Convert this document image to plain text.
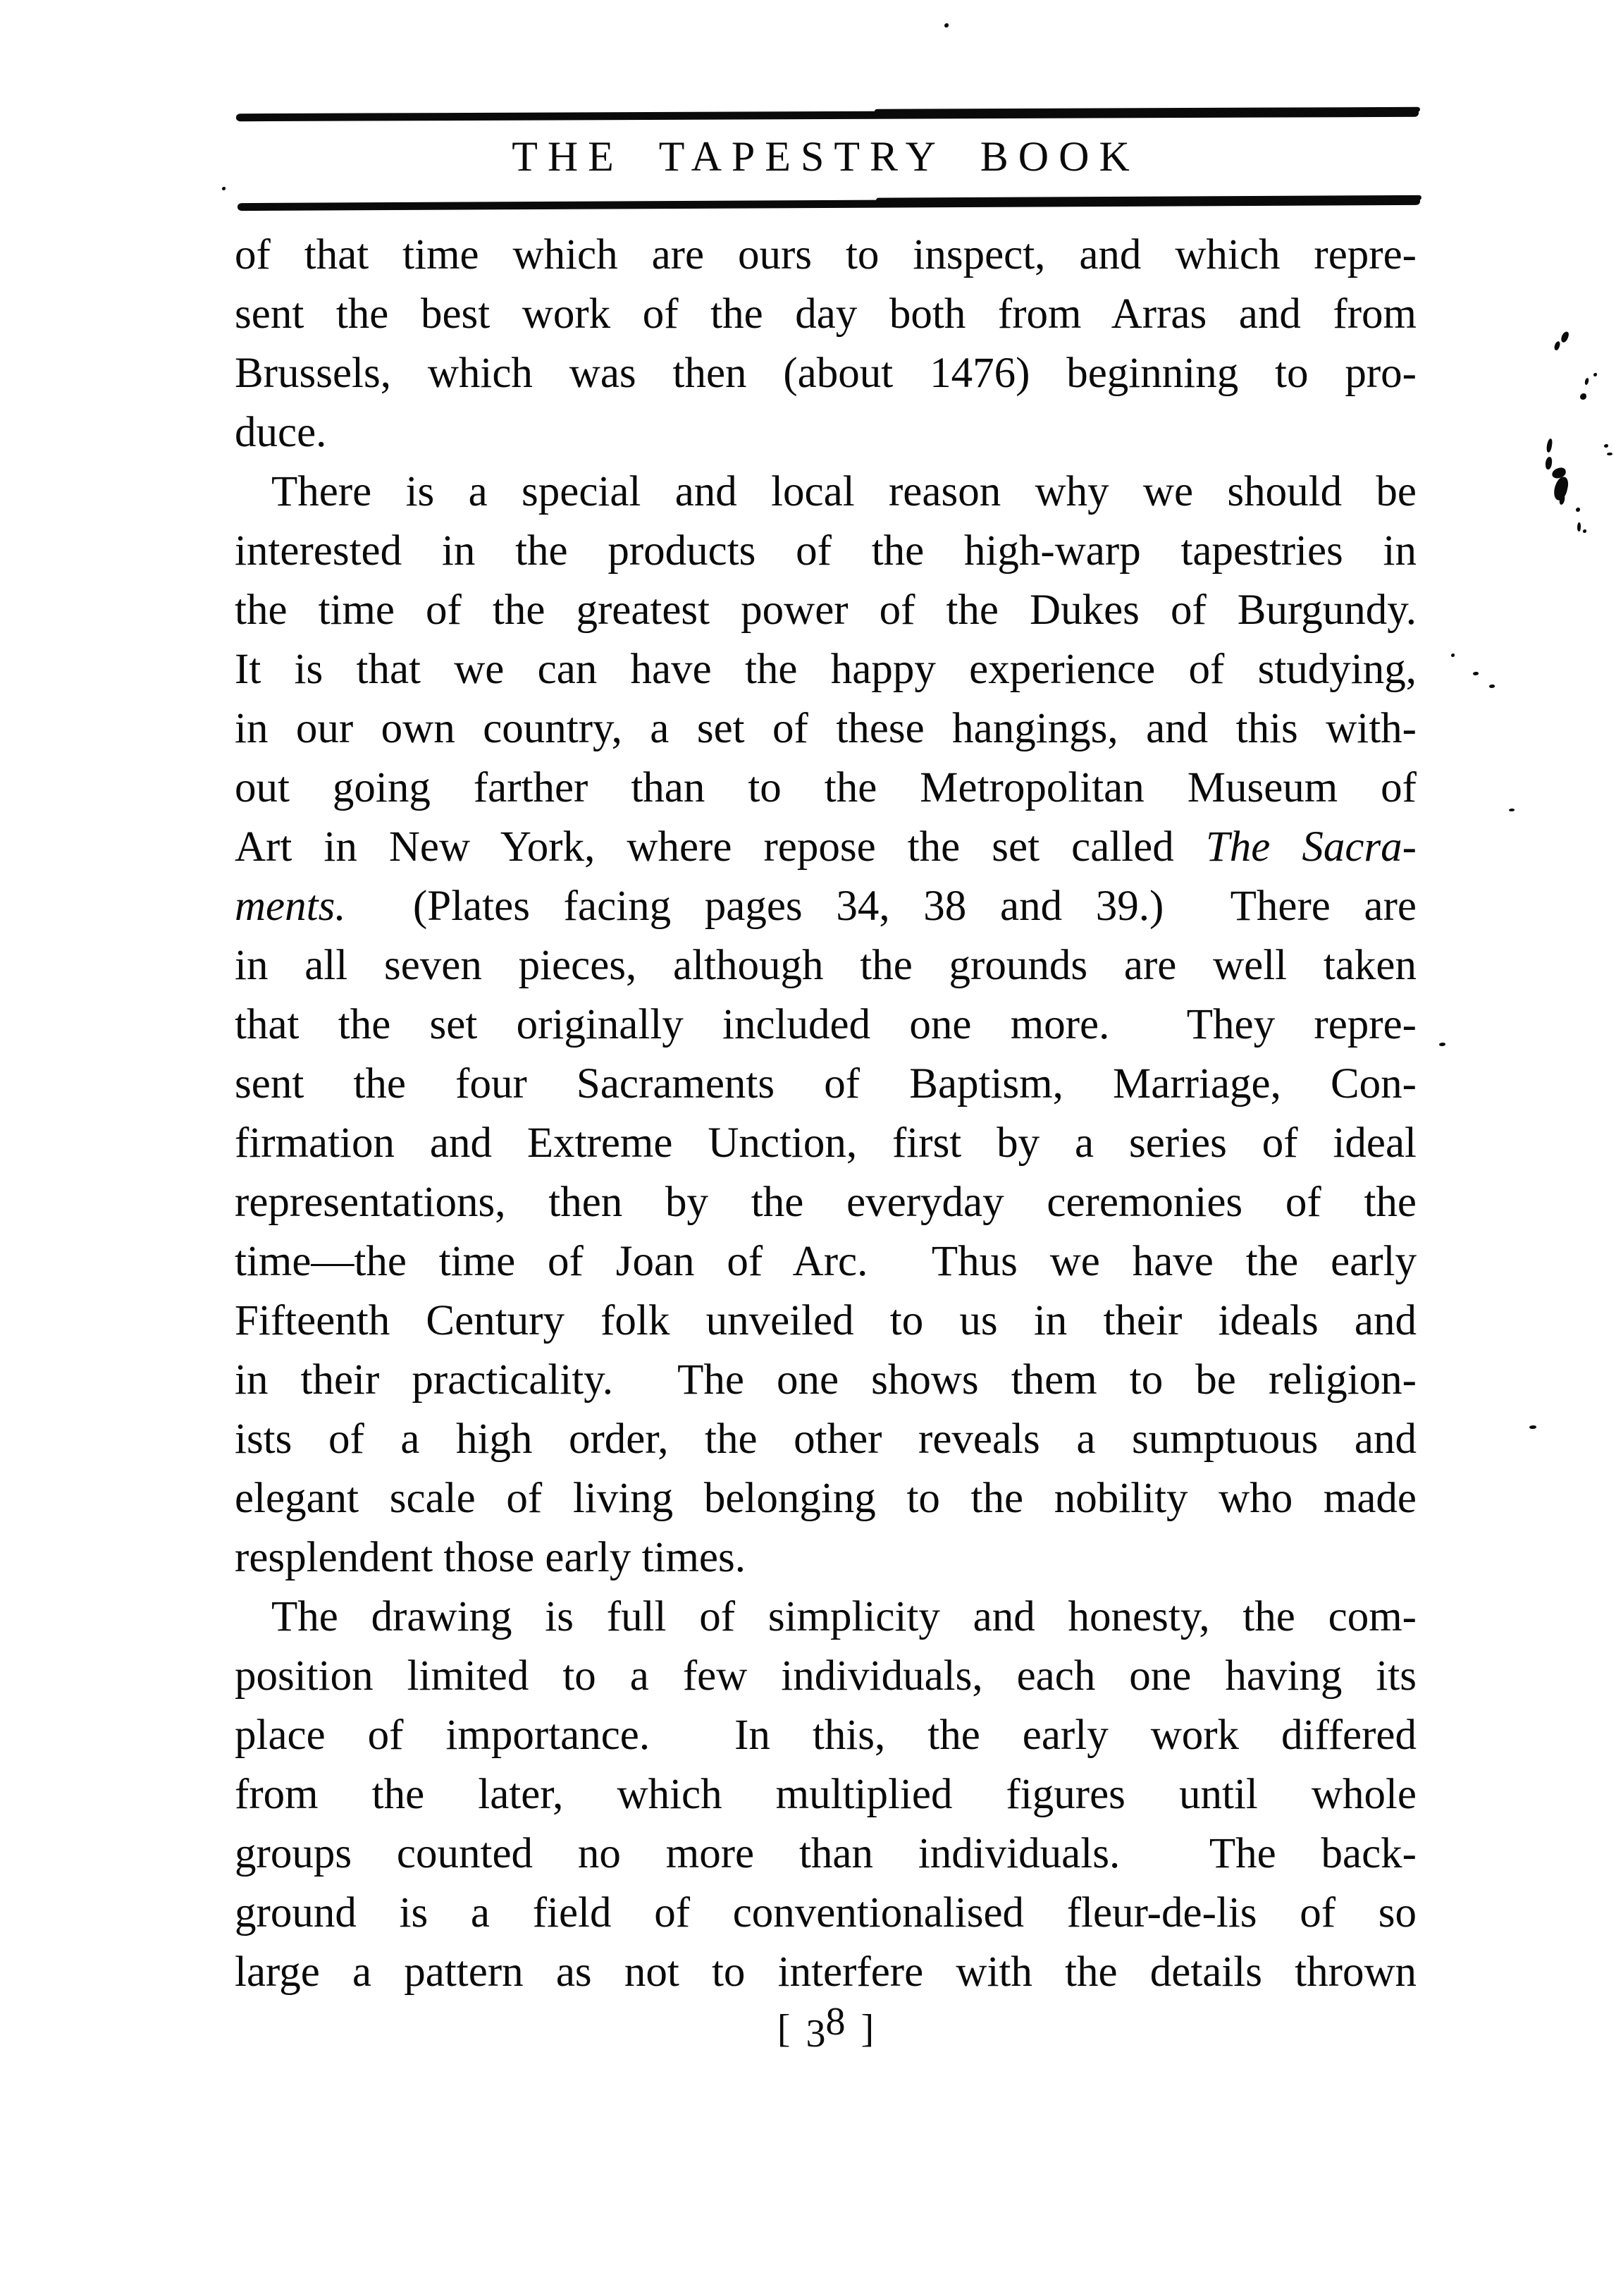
THE TAPESTRY BOOK
of that time which are ours to inspect, and which repre-
sent the best work of the day both from Arras and from
Brussels, which was then (about 1476) beginning to pro-
duce.
There is a special and local reason why we should be
interested in the products of the high-warp tapestries in
the time of the greatest power of the Dukes of Burgundy.
It is that we can have the happy experience of studying,
in our own country, a set of these hangings, and this with-
out going farther than to the Metropolitan Museum of
Art in New York, where repose the set called The Sacra-
ments.  (Plates facing pages 34, 38 and 39.)  There are
in all seven pieces, although the grounds are well taken
that the set originally included one more.  They repre-
sent the four Sacraments of Baptism, Marriage, Con-
firmation and Extreme Unction, first by a series of ideal
representations, then by the everyday ceremonies of the
time—the time of Joan of Arc.  Thus we have the early
Fifteenth Century folk unveiled to us in their ideals and
in their practicality.  The one shows them to be religion-
ists of a high order, the other reveals a sumptuous and
elegant scale of living belonging to the nobility who made
resplendent those early times.
The drawing is full of simplicity and honesty, the com-
position limited to a few individuals, each one having its
place of importance.  In this, the early work differed
from the later, which multiplied figures until whole
groups counted no more than individuals.  The back-
ground is a field of conventionalised fleur-de-lis of so
large a pattern as not to interfere with the details thrown
[ 38 ]
